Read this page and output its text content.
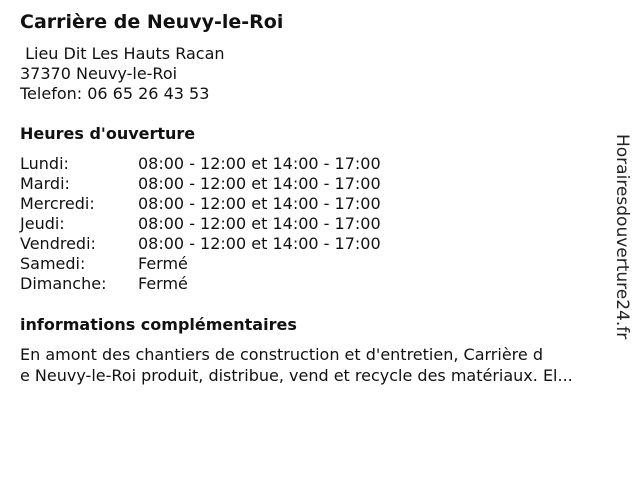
Carrière de Neuvy-le-Roi
Lieu Dit Les Hauts Racan
37370 Neuvy-le-Roi
Telefon: 06 65 26 43 53
Heures d'ouverture
Lundi:	08:00 - 12:00 et 14:00 - 17:00
Mardi:	08:00 - 12:00 et 14:00 - 17:00
Mercredi:	08:00 - 12:00 et 14:00 - 17:00
Jeudi:	08:00 - 12:00 et 14:00 - 17:00
Vendredi:	08:00 - 12:00 et 14:00 - 17:00
Samedi:	Fermé
Dimanche: Fermé
informations complémentaires
En amont des chantiers de construction et d'entretien, Carrière d
e Neuvy-le-Roi produit, distribue, vend et recycle des matériaux. El...
Horairesdouverture24.fr
